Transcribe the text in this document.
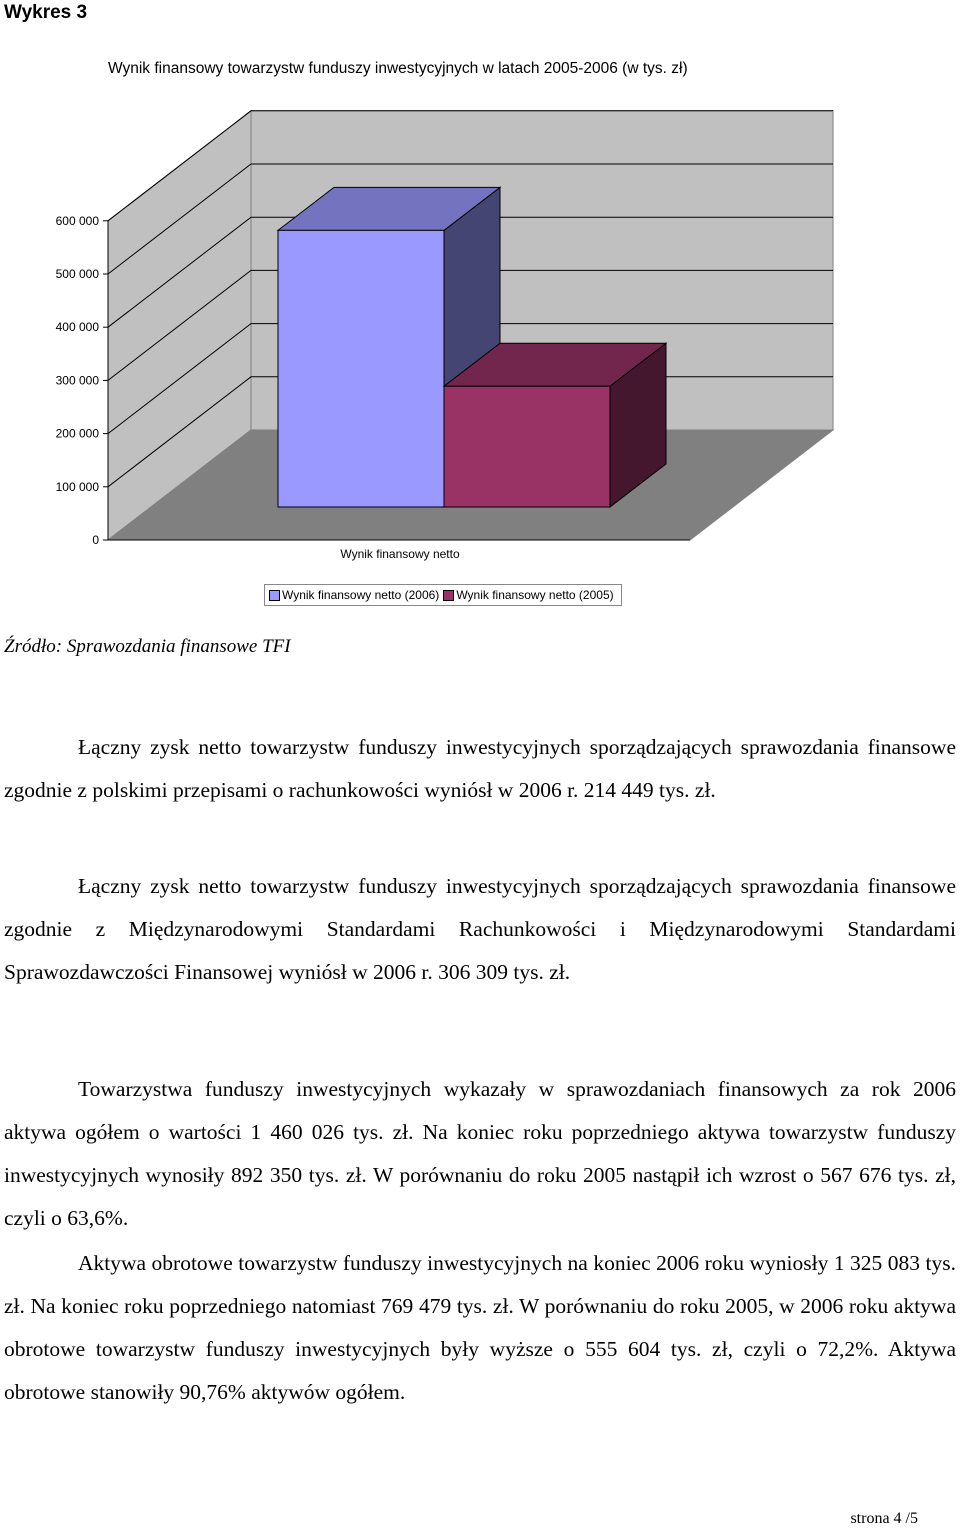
Wykres 3
Wynik finansowy towarzystw funduszy inwestycyjnych w latach 2005-2006 (w tys. zł)
0
100 000
200 000
300 000
400 000
500 000
600 000
Wynik finansowy netto
Wynik finansowy netto (2006) Wynik finansowy netto (2005)
Źródło: Sprawozdania finansowe TFI

Łączny zysk netto towarzystw funduszy inwestycyjnych sporządzających sprawozdania finansowe zgodnie z polskimi przepisami o rachunkowości wyniósł w 2006 r. 214 449 tys. zł.

Łączny zysk netto towarzystw funduszy inwestycyjnych sporządzających sprawozdania finansowe zgodnie z Międzynarodowymi Standardami Rachunkowości i Międzynarodowymi Standardami Sprawozdawczości Finansowej wyniósł w 2006 r. 306 309 tys. zł.

Towarzystwa funduszy inwestycyjnych wykazały w sprawozdaniach finansowych za rok 2006 aktywa ogółem o wartości 1 460 026 tys. zł. Na koniec roku poprzedniego aktywa towarzystw funduszy inwestycyjnych wynosiły 892 350 tys. zł. W porównaniu do roku 2005 nastąpił ich wzrost o 567 676 tys. zł, czyli o 63,6%.

Aktywa obrotowe towarzystw funduszy inwestycyjnych na koniec 2006 roku wyniosły 1 325 083 tys. zł. Na koniec roku poprzedniego natomiast 769 479 tys. zł. W porównaniu do roku 2005, w 2006 roku aktywa obrotowe towarzystw funduszy inwestycyjnych były wyższe o 555 604 tys. zł, czyli o 72,2%. Aktywa obrotowe stanowiły 90,76% aktywów ogółem.

strona 4 /5
